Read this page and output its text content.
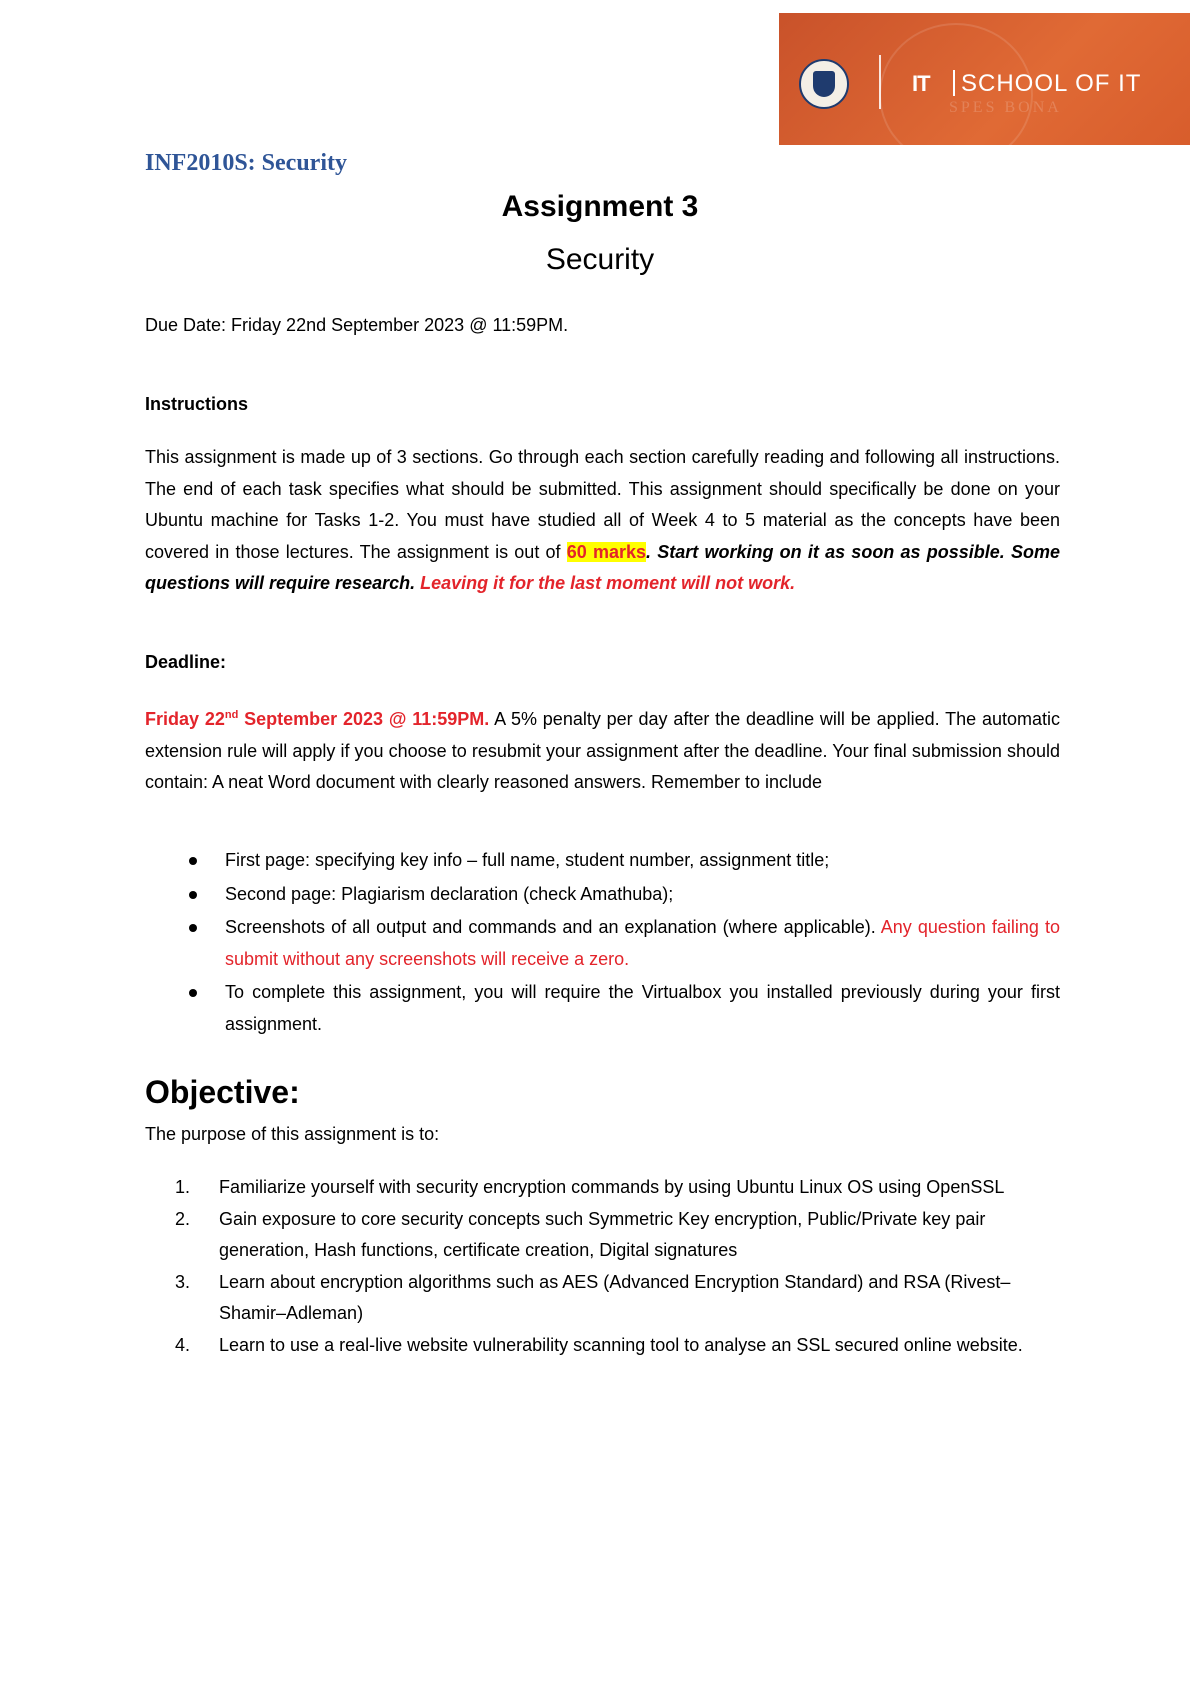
SPES BONA
IT SCHOOL OF IT
INF2010S: Security
Assignment 3
Security
Due Date: Friday 22nd September 2023 @ 11:59PM.
Instructions
This assignment is made up of 3 sections. Go through each section carefully reading and following all instructions. The end of each task specifies what should be submitted. This assignment should specifically be done on your Ubuntu machine for Tasks 1-2. You must have studied all of Week 4 to 5 material as the concepts have been covered in those lectures. The assignment is out of 60 marks. Start working on it as soon as possible. Some questions will require research. Leaving it for the last moment will not work.
Deadline:
Friday 22nd September 2023 @ 11:59PM. A 5% penalty per day after the deadline will be applied. The automatic extension rule will apply if you choose to resubmit your assignment after the deadline. Your final submission should contain: A neat Word document with clearly reasoned answers. Remember to include
First page: specifying key info – full name, student number, assignment title;
Second page: Plagiarism declaration (check Amathuba);
Screenshots of all output and commands and an explanation (where applicable). Any question failing to submit without any screenshots will receive a zero.
To complete this assignment, you will require the Virtualbox you installed previously during your first assignment.
Objective:
The purpose of this assignment is to:
1. Familiarize yourself with security encryption commands by using Ubuntu Linux OS using OpenSSL
2. Gain exposure to core security concepts such Symmetric Key encryption, Public/Private key pair generation, Hash functions, certificate creation, Digital signatures
3. Learn about encryption algorithms such as AES (Advanced Encryption Standard) and RSA (Rivest–Shamir–Adleman)
4. Learn to use a real-live website vulnerability scanning tool to analyse an SSL secured online website.
